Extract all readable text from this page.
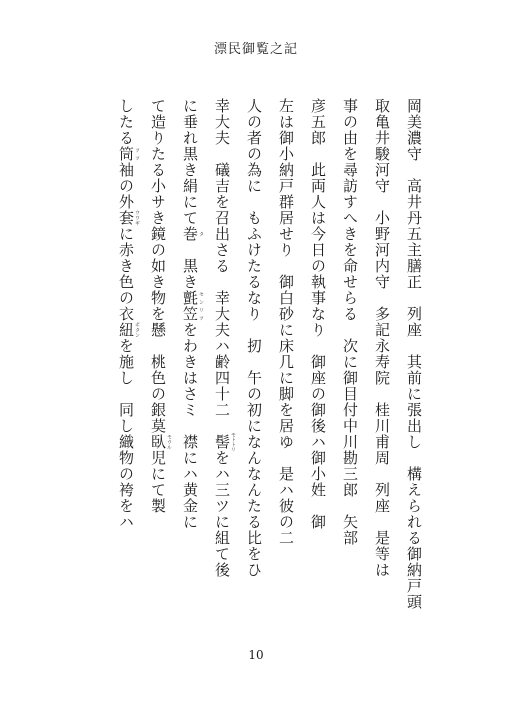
漂民御覧之記
岡美濃守　高井丹五主膳正　列座　其前に張出し　構えられる御納戸頭
取亀井駿河守　小野河内守　多記永寿院　桂川甫周　列座　是等は
事の由を尋訪すへきを命せらる　次に御目付中川勘三郎　矢部
彦五郎　此両人は今日の執事なり　御座の御後ハ御小姓　御
左は御小納戸群居せり　御白砂に床几に脚を居ゆ　是ハ彼の二
人の者の為に　もふけたるなり　扨　午の初になんなんたる比をひ
幸大夫　礒吉を召出さる　幸大夫ハ齢四十二　髻 モトトリをハ三ツに組て後
に垂れ黒き絹にて巻 タ　黒き氈笠 センリツをわきはさミ　襟にハ黄金に
て造りたる小サき鏡の如き物を懸　桃色の銀莫臥 モウル児にて製
したる筒 ツツ袖の外套 ウワギに赤き色の衣紐 ボタンを施し　同し織物の袴をハ
10
